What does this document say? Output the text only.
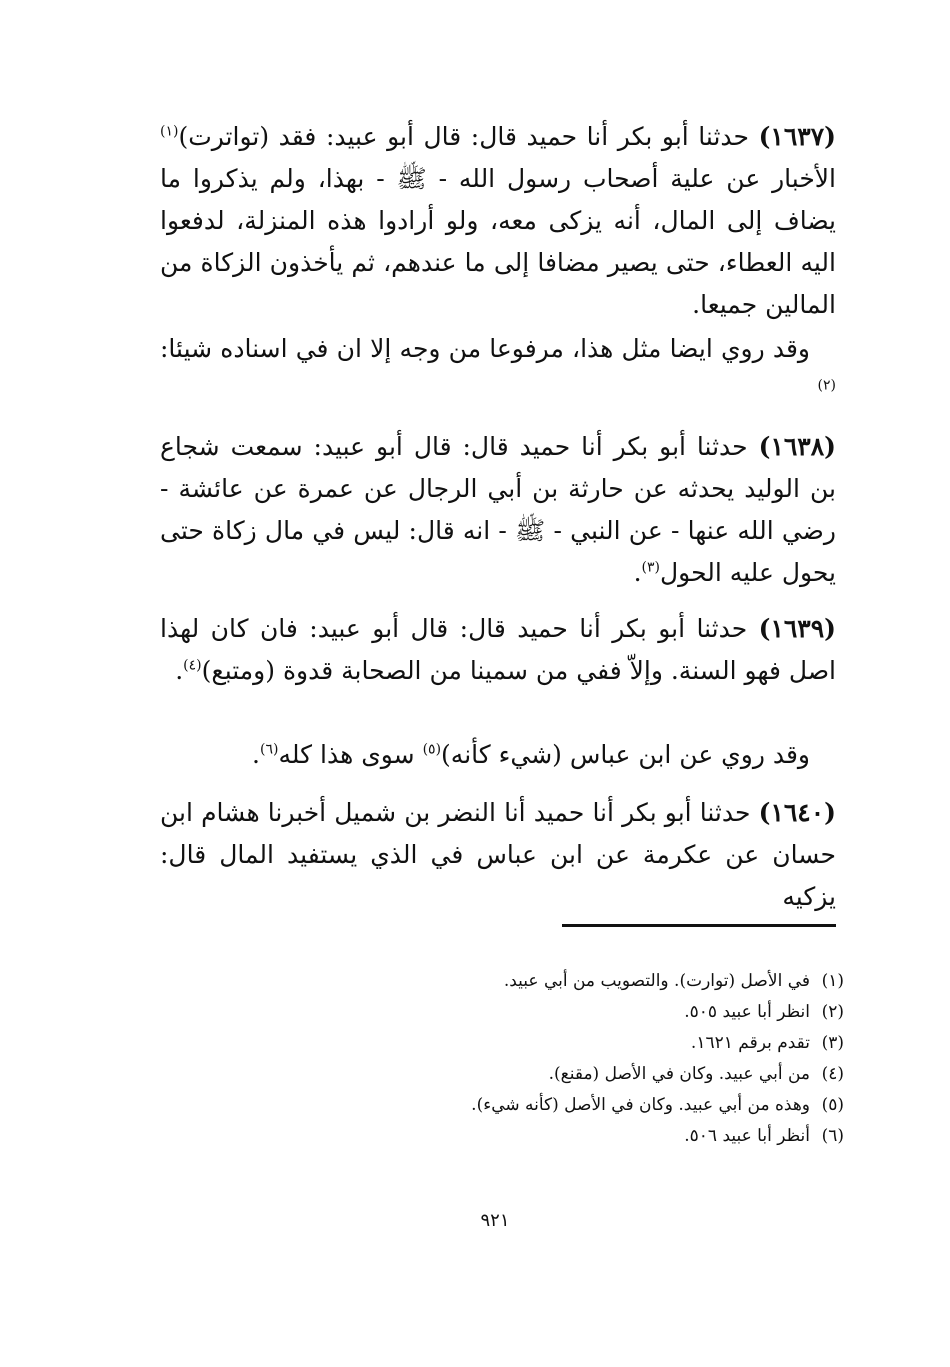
(١٦٣٧) حدثنا أبو بكر أنا حميد قال: قال أبو عبيد: فقد (تواترت)$^{(١)}$ الأخبار عن علية أصحاب رسول الله - ﷺ - بهذا، ولم يذكروا ما يضاف إلى المال، أنه يزكى معه، ولو أرادوا هذه المنزلة، لدفعوا اليه العطاء، حتى يصير مضافا إلى ما عندهم، ثم يأخذون الزكاة من المالين جميعا.

وقد روي ايضا مثل هذا، مرفوعا من وجه إلا ان في اسناده شيئا:$^{(٢)}$

(١٦٣٨) حدثنا أبو بكر أنا حميد قال: قال أبو عبيد: سمعت شجاع بن الوليد يحدثه عن حارثة بن أبي الرجال عن عمرة عن عائشة - رضي الله عنها - عن النبي - ﷺ - انه قال: ليس في مال زكاة حتى يحول عليه الحول$^{(٣)}$.

(١٦٣٩) حدثنا أبو بكر أنا حميد قال: قال أبو عبيد: فان كان لهذا اصل فهو السنة. وإلاّ ففي من سمينا من الصحابة قدوة (ومتبع)$^{(٤)}$.

وقد روي عن ابن عباس (شيء كأنه)$^{(٥)}$ سوى هذا كله$^{(٦)}$.

(١٦٤٠) حدثنا أبو بكر أنا حميد أنا النضر بن شميل أخبرنا هشام ابن حسان عن عكرمة عن ابن عباس في الذي يستفيد المال قال: يزكيه

(١)في الأصل (توارت). والتصويب من أبي عبيد.
(٢)انظر أبا عبيد ٥٠٥.
(٣)تقدم برقم ١٦٢١.
(٤)من أبي عبيد. وكان في الأصل (مقنع).
(٥)وهذه من أبي عبيد. وكان في الأصل (كأنه شيء).
(٦)أنظر أبا عبيد ٥٠٦.
٩٢١
